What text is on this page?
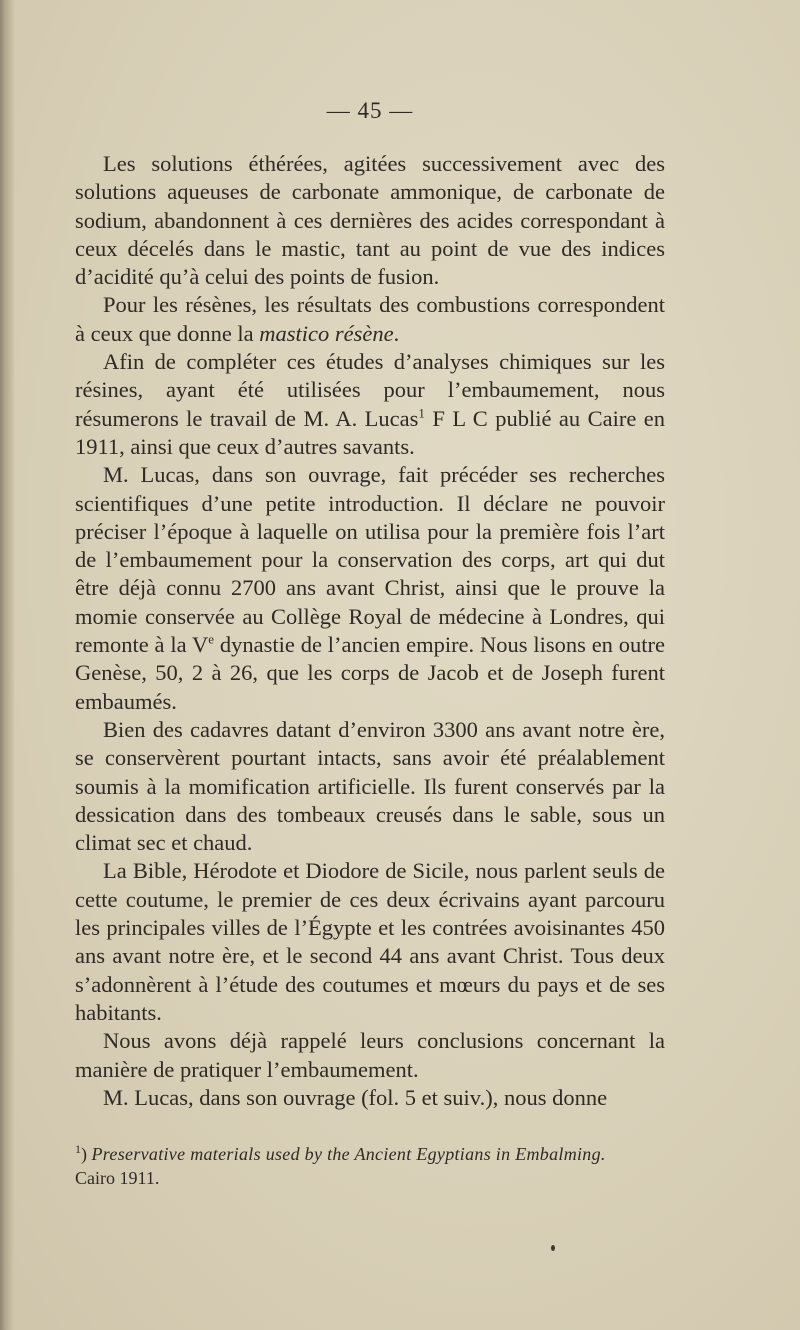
— 45 —

Les solutions éthérées, agitées successivement avec des solutions aqueuses de carbonate ammonique, de carbonate de sodium, abandonnent à ces dernières des acides correspondant à ceux décelés dans le mastic, tant au point de vue des indices d’acidité qu’à celui des points de fusion.

Pour les résènes, les résultats des combustions correspondent à ceux que donne la mastico résène.

Afin de compléter ces études d’analyses chimiques sur les résines, ayant été utilisées pour l’embaumement, nous résumerons le travail de M. A. Lucas$^1$ F L C publié au Caire en 1911, ainsi que ceux d’autres savants.

M. Lucas, dans son ouvrage, fait précéder ses recherches scientifiques d’une petite introduction. Il déclare ne pouvoir préciser l’époque à laquelle on utilisa pour la première fois l’art de l’embaumement pour la conservation des corps, art qui dut être déjà connu 2700 ans avant Christ, ainsi que le prouve la momie conservée au Collège Royal de médecine à Londres, qui remonte à la Ve dynastie de l’ancien empire. Nous lisons en outre Genèse, 50, 2 à 26, que les corps de Jacob et de Joseph furent embaumés.

Bien des cadavres datant d’environ 3300 ans avant notre ère, se conservèrent pourtant intacts, sans avoir été préalablement soumis à la momification artificielle. Ils furent conservés par la dessication dans des tombeaux creusés dans le sable, sous un climat sec et chaud.

La Bible, Hérodote et Diodore de Sicile, nous parlent seuls de cette coutume, le premier de ces deux écrivains ayant parcouru les principales villes de l’Égypte et les contrées avoisinantes 450 ans avant notre ère, et le second 44 ans avant Christ. Tous deux s’adonnèrent à l’étude des coutumes et mœurs du pays et de ses habitants.

Nous avons déjà rappelé leurs conclusions concernant la manière de pratiquer l’embaumement.

M. Lucas, dans son ouvrage (fol. 5 et suiv.), nous donne

$^1$) Preservative materials used by the Ancient Egyptians in Embalming.
Cairo 1911.
